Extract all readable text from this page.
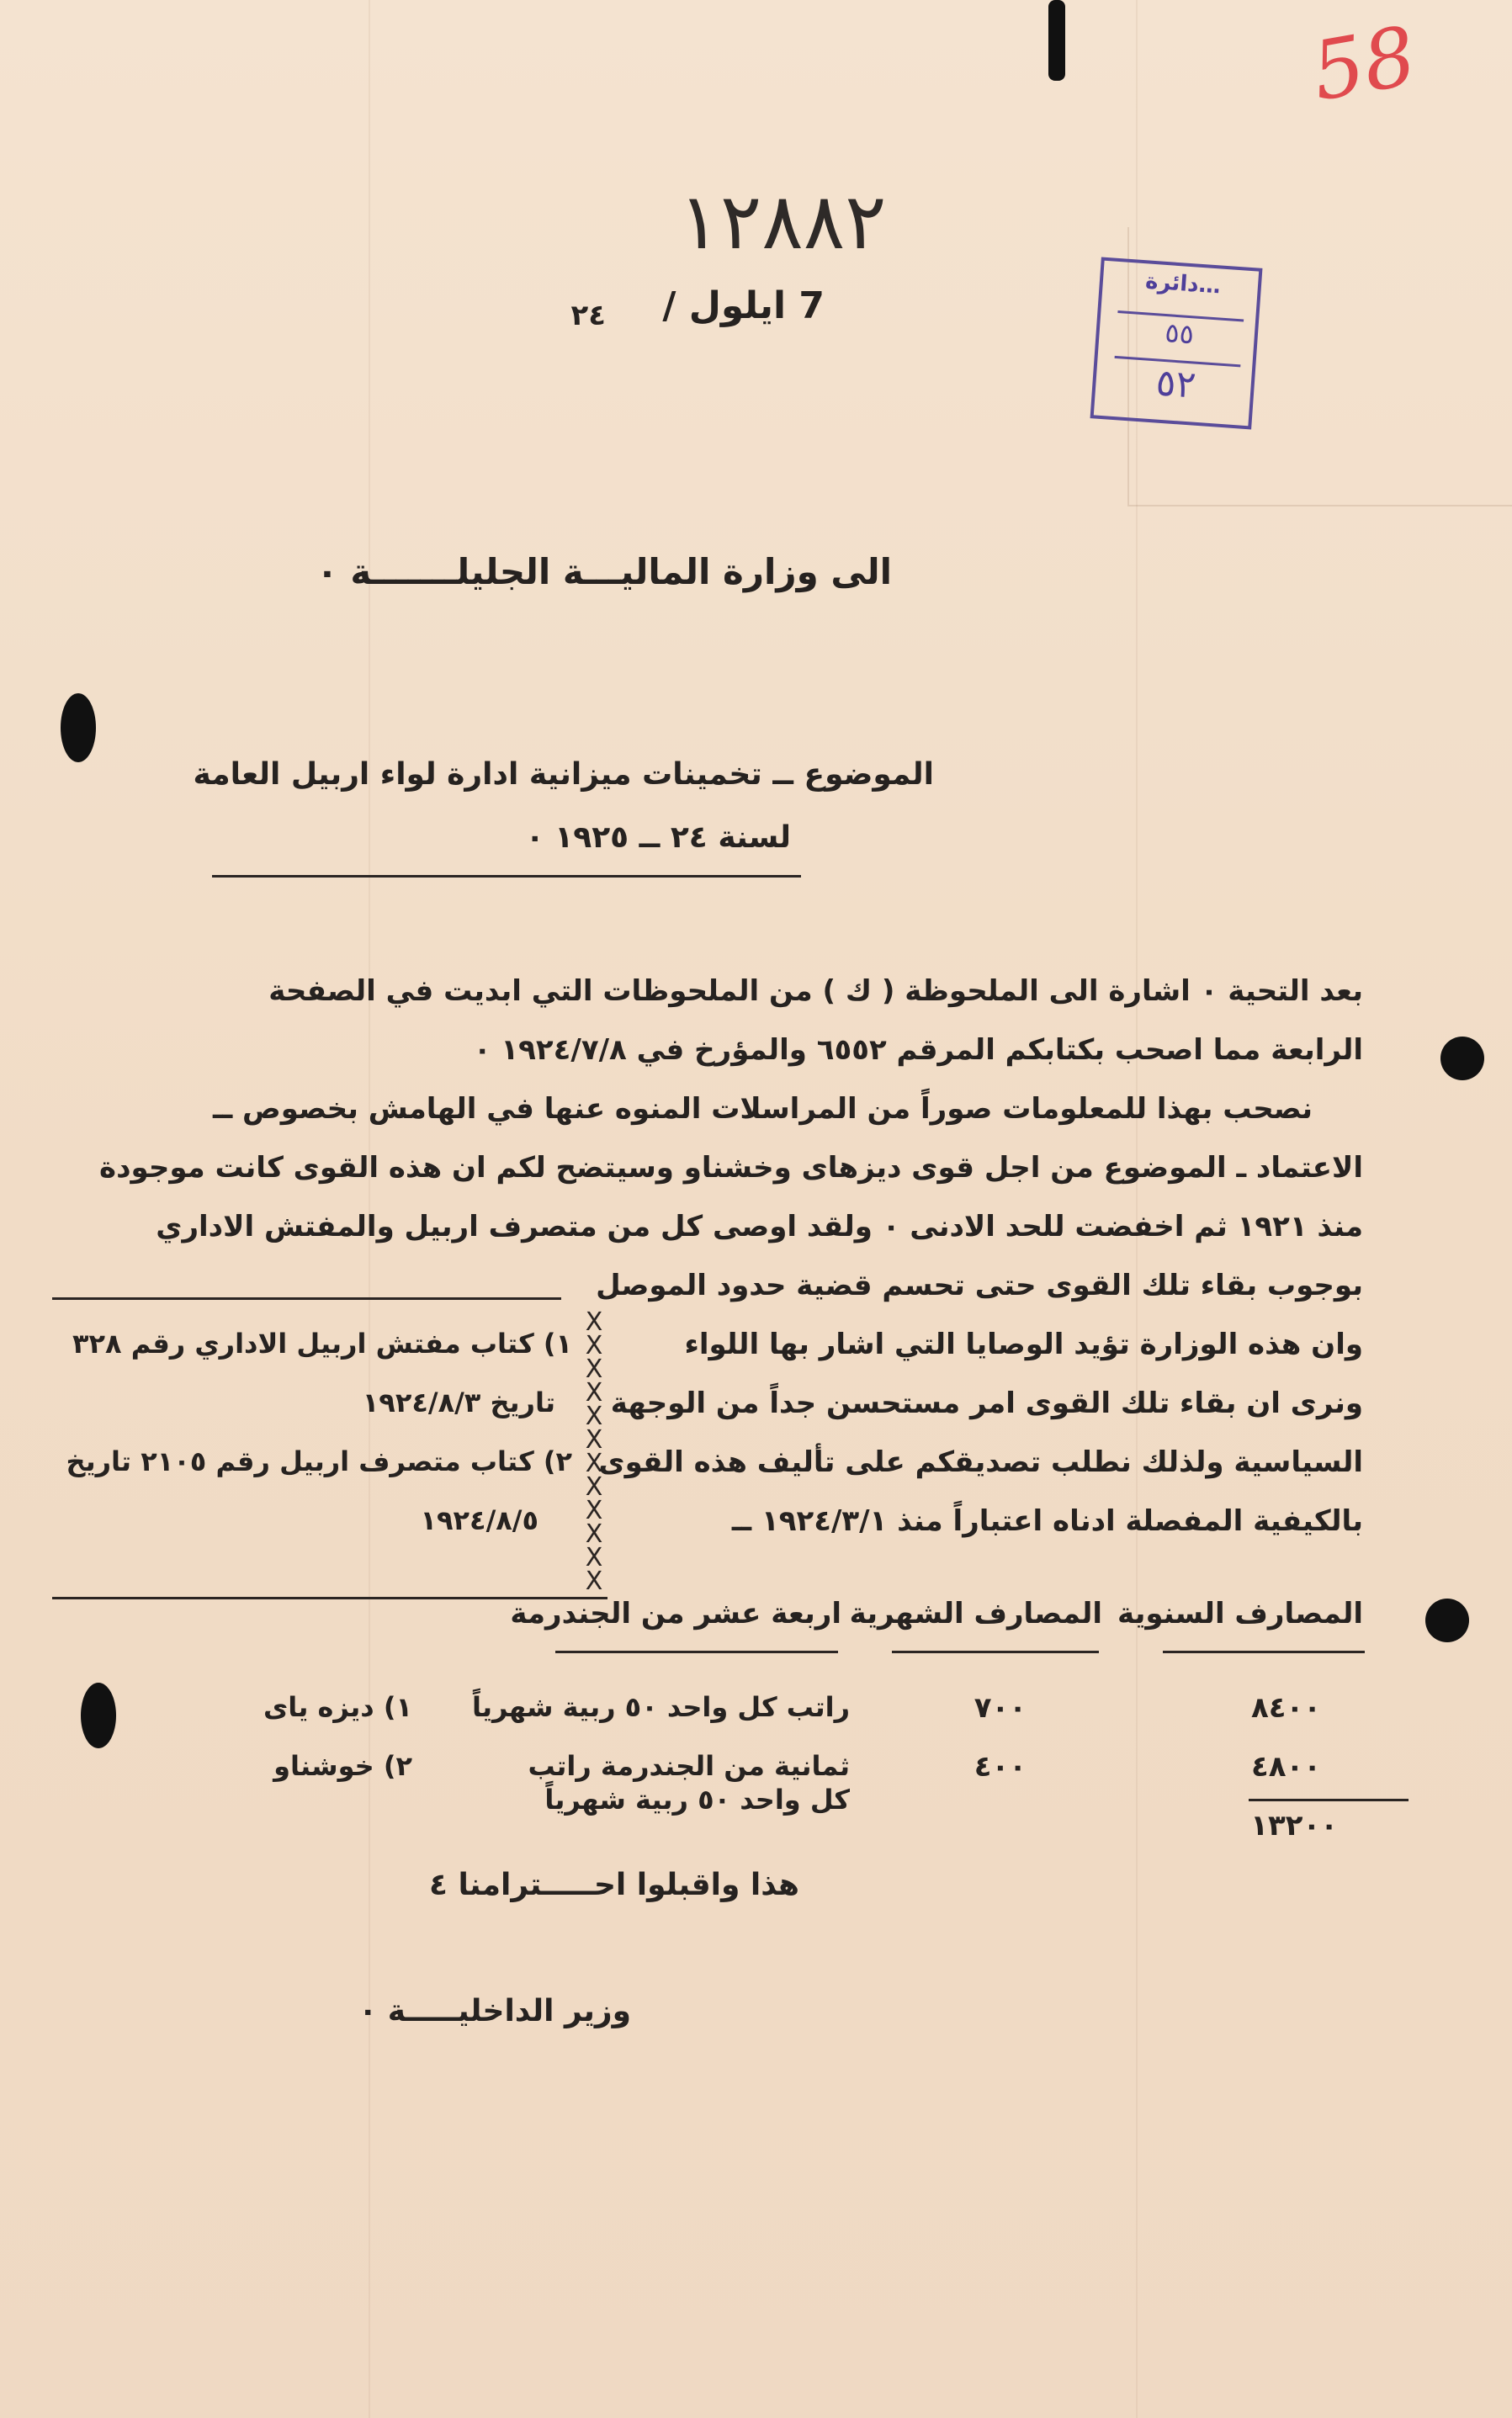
58
١٢٨٨٢
7 ايلول /
٢٤
…دائرة
٥٥
٥٢
الى وزارة الماليـــة الجليلـــــــة ٠
الموضوع ــ تخمينات ميزانية ادارة لواء اربيل العامة
لسنة ٢٤ ــ ١٩٢٥ ٠
بعد التحية ٠ اشارة الى الملحوظة ( ك ) من الملحوظات التي ابديت في الصفحة
الرابعة مما اصحب بكتابكم المرقم ٦٥٥٢ والمؤرخ في ١٩٢٤/٧/٨ ٠
نصحب بهذا للمعلومات صوراً من المراسلات المنوه عنها في الهامش بخصوص ــ
الاعتماد ـ الموضوع من اجل قوى ديزهاى وخشناو وسيتضح لكم ان هذه القوى كانت موجودة
منذ ١٩٢١ ثم اخفضت للحد الادنى ٠ ولقد اوصى كل من متصرف اربيل والمفتش الاداري
بوجوب بقاء تلك القوى حتى تحسم قضية حدود الموصل
وان هذه الوزارة تؤيد الوصايا التي اشار بها اللواء
ونرى ان بقاء تلك القوى امر مستحسن جداً من الوجهة
السياسية ولذلك نطلب تصديقكم على تأليف هذه القوى
بالكيفية المفصلة ادناه اعتباراً منذ ١٩٢٤/٣/١ ــ
X
X
X
X
X
X
X
X
X
X
X
X
١) كتاب مفتش اربيل الاداري رقم ٣٢٨
تاريخ ١٩٢٤/٨/٣
٢) كتاب متصرف اربيل رقم ٢١٠٥ تاريخ
١٩٢٤/٨/٥
المصارف السنوية
المصارف الشهرية
اربعة عشر من الجندرمة
٨٤٠٠
٧٠٠
راتب كل واحد ٥٠ ربية شهرياً
١) ديزه ياى
٤٨٠٠
٤٠٠
ثمانية من الجندرمة راتب
كل واحد ٥٠ ربية شهرياً
٢) خوشناو
١٣٢٠٠
هذا واقبلوا احـــــترامنا ٤
وزير الداخليـــــة ٠
